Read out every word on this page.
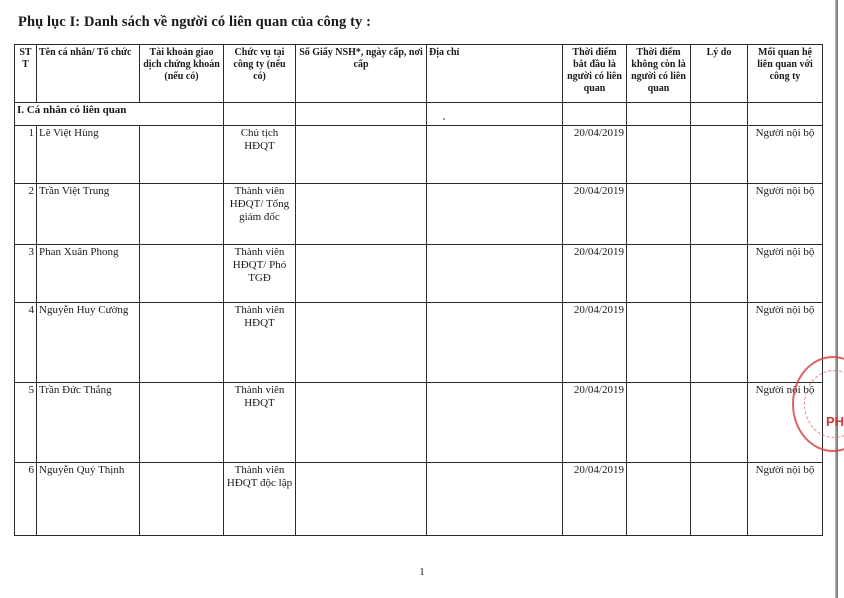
Phụ lục I: Danh sách về người có liên quan của công ty :
ST T	Tên cá nhân/ Tổ chức	Tài khoản giao dịch chứng khoán (nếu có)	Chức vụ tại công ty (nếu có)	Số Giấy NSH*, ngày cấp, nơi cấp	Địa chỉ	Thời điểm bắt đầu là người có liên quan	Thời điểm không còn là người có liên quan	Lý do	Mối quan hệ liên quan với công ty
I. Cá nhân có liên quan									
1	Lê Việt Hùng		Chủ tịch HĐQT			20/04/2019			Người nội bộ
2	Trần Việt Trung		Thành viên HĐQT/ Tổng giám đốc			20/04/2019			Người nội bộ
3	Phan Xuân Phong		Thành viên HĐQT/ Phó TGĐ			20/04/2019			Người nội bộ
4	Nguyễn Huy Cường		Thành viên HĐQT			20/04/2019			Người nội bộ
5	Trần Đức Thắng		Thành viên HĐQT			20/04/2019			Người nội bộ
6	Nguyễn Quý Thịnh		Thành viên HĐQT độc lập			20/04/2019			Người nội bộ
PH
1
